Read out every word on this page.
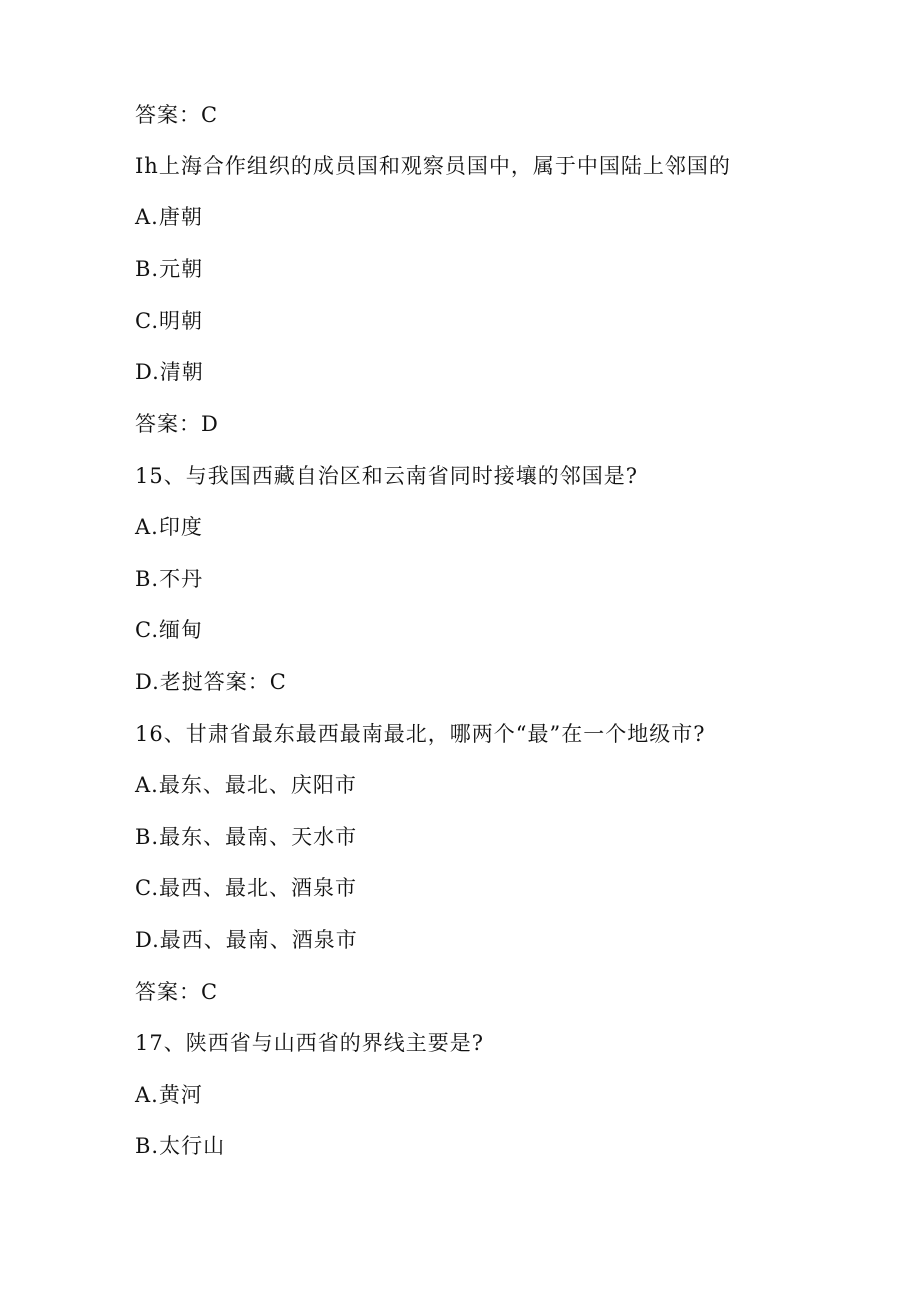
答案：C

Ih上海合作组织的成员国和观察员国中，属于中国陆上邻国的

A.唐朝

B.元朝

C.明朝

D.清朝

答案：D

15、与我国西藏自治区和云南省同时接壤的邻国是?

A.印度

B.不丹

C.缅甸

D.老挝答案：C

16、甘肃省最东最西最南最北，哪两个“最”在一个地级市?

A.最东、最北、庆阳市

B.最东、最南、天水市

C.最西、最北、酒泉市

D.最西、最南、酒泉市

答案：C

17、陕西省与山西省的界线主要是?

A.黄河

B.太行山
